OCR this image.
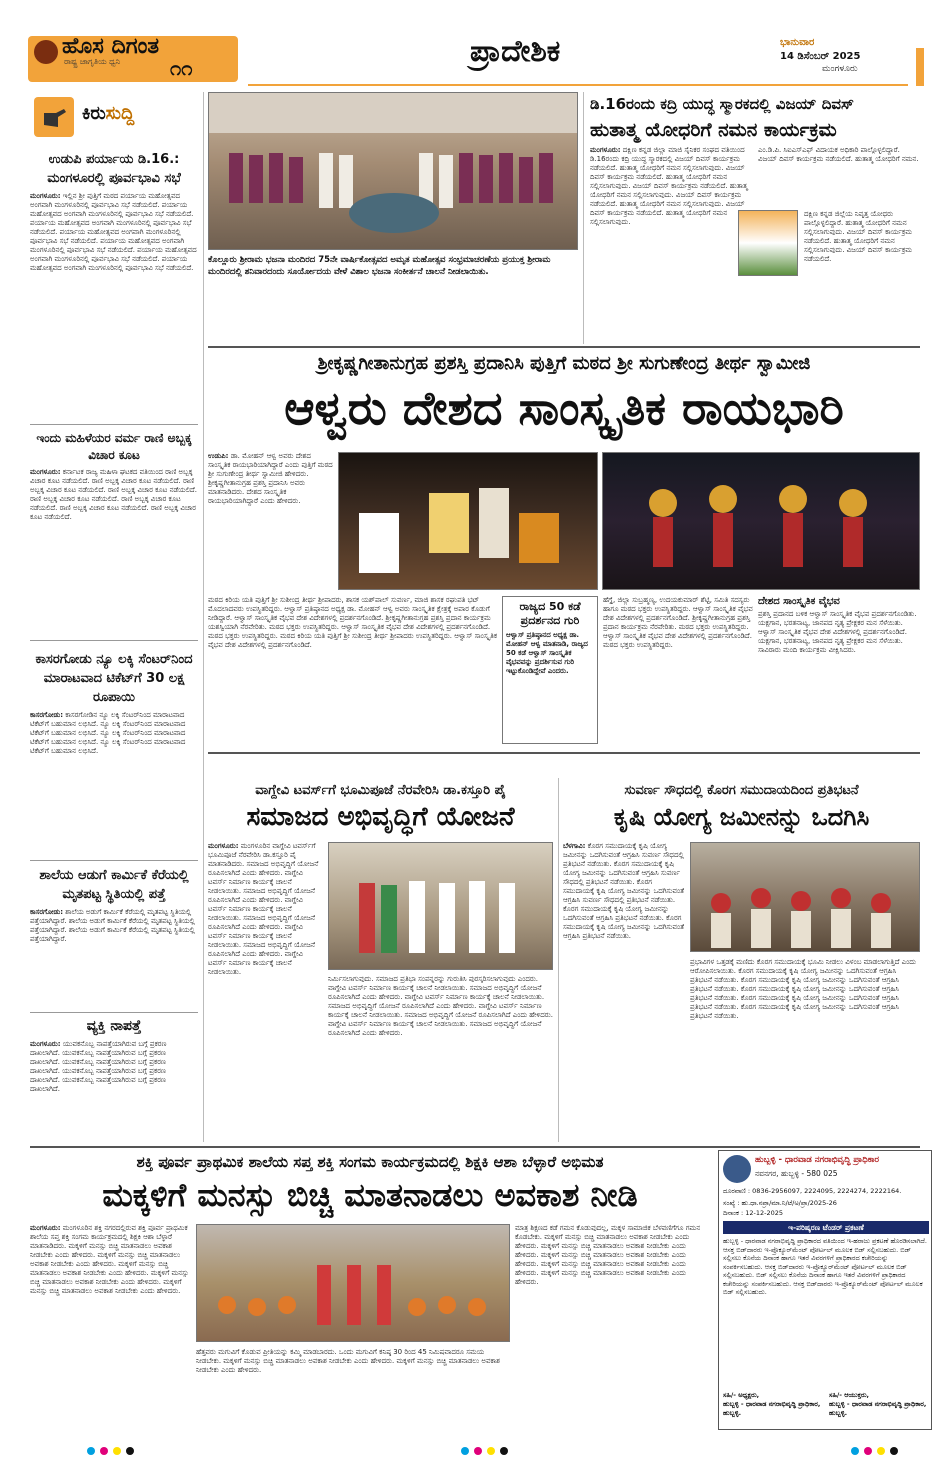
ಹೊಸ ದಿಗಂತ
ರಾಷ್ಟ್ರ ಜಾಗೃತಿಯ ಧ್ವನಿ ೧೧	ಪ್ರಾದೇಶಿಕ	ಭಾನುವಾರ
14 ಡಿಸೆಂಬರ್ 2025
ಮಂಗಳೂರು
ಕಿರುಸುದ್ದಿ
ಉಡುಪಿ ಪರ್ಯಾಯ ಡಿ.16.: ಮಂಗಳೂರಲ್ಲಿ ಪೂರ್ವಭಾವಿ ಸಭೆ
ಮಂಗಳೂರು: ಇಲ್ಲಿನ ಶ್ರೀ ಪುತ್ತಿಗೆ ಮಠದ ಪರ್ಯಾಯ ಮಹೋತ್ಸವದ ಅಂಗವಾಗಿ ಮಂಗಳೂರಿನಲ್ಲಿ ಪೂರ್ವಭಾವಿ ಸಭೆ ನಡೆಯಲಿದೆ. ಪರ್ಯಾಯ ಮಹೋತ್ಸವದ ಅಂಗವಾಗಿ ಮಂಗಳೂರಿನಲ್ಲಿ ಪೂರ್ವಭಾವಿ ಸಭೆ ನಡೆಯಲಿದೆ. ಪರ್ಯಾಯ ಮಹೋತ್ಸವದ ಅಂಗವಾಗಿ ಮಂಗಳೂರಿನಲ್ಲಿ ಪೂರ್ವಭಾವಿ ಸಭೆ ನಡೆಯಲಿದೆ. ಪರ್ಯಾಯ ಮಹೋತ್ಸವದ ಅಂಗವಾಗಿ ಮಂಗಳೂರಿನಲ್ಲಿ ಪೂರ್ವಭಾವಿ ಸಭೆ ನಡೆಯಲಿದೆ. ಪರ್ಯಾಯ ಮಹೋತ್ಸವದ ಅಂಗವಾಗಿ ಮಂಗಳೂರಿನಲ್ಲಿ ಪೂರ್ವಭಾವಿ ಸಭೆ ನಡೆಯಲಿದೆ. ಪರ್ಯಾಯ ಮಹೋತ್ಸವದ ಅಂಗವಾಗಿ ಮಂಗಳೂರಿನಲ್ಲಿ ಪೂರ್ವಭಾವಿ ಸಭೆ ನಡೆಯಲಿದೆ. ಪರ್ಯಾಯ ಮಹೋತ್ಸವದ ಅಂಗವಾಗಿ ಮಂಗಳೂರಿನಲ್ಲಿ ಪೂರ್ವಭಾವಿ ಸಭೆ ನಡೆಯಲಿದೆ.
ಇಂದು ಮಹಿಳೆಯರ ವರ್ಮ ರಾಣಿ ಅಬ್ಬಕ್ಕ ವಿಚಾರ ಕೂಟ
ಮಂಗಳೂರು: ಕರ್ನಾಟಕ ರಾಜ್ಯ ಮಹಿಳಾ ಘಟಕದ ವತಿಯಿಂದ ರಾಣಿ ಅಬ್ಬಕ್ಕ ವಿಚಾರ ಕೂಟ ನಡೆಯಲಿದೆ. ರಾಣಿ ಅಬ್ಬಕ್ಕ ವಿಚಾರ ಕೂಟ ನಡೆಯಲಿದೆ. ರಾಣಿ ಅಬ್ಬಕ್ಕ ವಿಚಾರ ಕೂಟ ನಡೆಯಲಿದೆ. ರಾಣಿ ಅಬ್ಬಕ್ಕ ವಿಚಾರ ಕೂಟ ನಡೆಯಲಿದೆ. ರಾಣಿ ಅಬ್ಬಕ್ಕ ವಿಚಾರ ಕೂಟ ನಡೆಯಲಿದೆ. ರಾಣಿ ಅಬ್ಬಕ್ಕ ವಿಚಾರ ಕೂಟ ನಡೆಯಲಿದೆ. ರಾಣಿ ಅಬ್ಬಕ್ಕ ವಿಚಾರ ಕೂಟ ನಡೆಯಲಿದೆ. ರಾಣಿ ಅಬ್ಬಕ್ಕ ವಿಚಾರ ಕೂಟ ನಡೆಯಲಿದೆ.
ಕಾಸರಗೋಡು ನ್ಯೂ ಲಕ್ಕಿ ಸೆಂಟರ್‌ನಿಂದ ಮಾರಾಟವಾದ ಟಿಕೆಟ್‌ಗೆ 30 ಲಕ್ಷ ರೂಪಾಯಿ
ಕಾಸರಗೋಡು: ಕಾಸರಗೋಡಿನ ನ್ಯೂ ಲಕ್ಕಿ ಸೆಂಟರ್‌ನಿಂದ ಮಾರಾಟವಾದ ಟಿಕೆಟ್‌ಗೆ ಬಹುಮಾನ ಲಭಿಸಿದೆ. ನ್ಯೂ ಲಕ್ಕಿ ಸೆಂಟರ್‌ನಿಂದ ಮಾರಾಟವಾದ ಟಿಕೆಟ್‌ಗೆ ಬಹುಮಾನ ಲಭಿಸಿದೆ. ನ್ಯೂ ಲಕ್ಕಿ ಸೆಂಟರ್‌ನಿಂದ ಮಾರಾಟವಾದ ಟಿಕೆಟ್‌ಗೆ ಬಹುಮಾನ ಲಭಿಸಿದೆ. ನ್ಯೂ ಲಕ್ಕಿ ಸೆಂಟರ್‌ನಿಂದ ಮಾರಾಟವಾದ ಟಿಕೆಟ್‌ಗೆ ಬಹುಮಾನ ಲಭಿಸಿದೆ.
ಶಾಲೆಯ ಆಡುಗೆ ಕಾರ್ಮಿಕೆ ಕೆರೆಯಲ್ಲಿ ಮೃತಪಟ್ಟ ಸ್ಥಿತಿಯಲ್ಲಿ ಪತ್ತೆ
ಕಾಸರಗೋಡು: ಶಾಲೆಯ ಅಡುಗೆ ಕಾರ್ಮಿಕೆ ಕೆರೆಯಲ್ಲಿ ಮೃತಪಟ್ಟ ಸ್ಥಿತಿಯಲ್ಲಿ ಪತ್ತೆಯಾಗಿದ್ದಾರೆ. ಶಾಲೆಯ ಅಡುಗೆ ಕಾರ್ಮಿಕೆ ಕೆರೆಯಲ್ಲಿ ಮೃತಪಟ್ಟ ಸ್ಥಿತಿಯಲ್ಲಿ ಪತ್ತೆಯಾಗಿದ್ದಾರೆ. ಶಾಲೆಯ ಅಡುಗೆ ಕಾರ್ಮಿಕೆ ಕೆರೆಯಲ್ಲಿ ಮೃತಪಟ್ಟ ಸ್ಥಿತಿಯಲ್ಲಿ ಪತ್ತೆಯಾಗಿದ್ದಾರೆ.
ವ್ಯಕ್ತಿ ನಾಪತ್ತೆ
ಮಂಗಳೂರು: ಯುವಕನೊಬ್ಬ ನಾಪತ್ತೆಯಾಗಿರುವ ಬಗ್ಗೆ ಪ್ರಕರಣ ದಾಖಲಾಗಿದೆ. ಯುವಕನೊಬ್ಬ ನಾಪತ್ತೆಯಾಗಿರುವ ಬಗ್ಗೆ ಪ್ರಕರಣ ದಾಖಲಾಗಿದೆ. ಯುವಕನೊಬ್ಬ ನಾಪತ್ತೆಯಾಗಿರುವ ಬಗ್ಗೆ ಪ್ರಕರಣ ದಾಖಲಾಗಿದೆ. ಯುವಕನೊಬ್ಬ ನಾಪತ್ತೆಯಾಗಿರುವ ಬಗ್ಗೆ ಪ್ರಕರಣ ದಾಖಲಾಗಿದೆ. ಯುವಕನೊಬ್ಬ ನಾಪತ್ತೆಯಾಗಿರುವ ಬಗ್ಗೆ ಪ್ರಕರಣ ದಾಖಲಾಗಿದೆ.
ಕೊಲ್ಲೂರು ಶ್ರೀರಾಮ ಭಜನಾ ಮಂದಿರದ 75ನೇ ವಾರ್ಷಿಕೋತ್ಸವದ ಅಮೃತ ಮಹೋತ್ಸವ ಸಂಭ್ರಮಾಚರಣೆಯ ಪ್ರಯುಕ್ತ ಶ್ರೀರಾಮ ಮಂದಿರದಲ್ಲಿ ಶನಿವಾರದಂದು ಸೂರ್ಯೋದಯ ವೇಳೆ ವಿಶಾಲ ಭಜನಾ ಸಂಕೀರ್ತನೆ ಚಾಲನೆ ನೀಡಲಾಯಿತು.
ಡಿ.16ರಂದು ಕದ್ರಿ ಯುದ್ಧ ಸ್ಮಾರಕದಲ್ಲಿ ವಿಜಯ್ ದಿವಸ್
ಹುತಾತ್ಮ ಯೋಧರಿಗೆ ನಮನ ಕಾರ್ಯಕ್ರಮ
ಮಂಗಳೂರು: ದಕ್ಷಿಣ ಕನ್ನಡ ಜಿಲ್ಲಾ ಮಾಜಿ ಸೈನಿಕರ ಸಂಘದ ವತಿಯಿಂದ ಡಿ.16ರಂದು ಕದ್ರಿ ಯುದ್ಧ ಸ್ಮಾರಕದಲ್ಲಿ ವಿಜಯ್ ದಿವಸ್ ಕಾರ್ಯಕ್ರಮ ನಡೆಯಲಿದೆ. ಹುತಾತ್ಮ ಯೋಧರಿಗೆ ನಮನ ಸಲ್ಲಿಸಲಾಗುವುದು. ವಿಜಯ್ ದಿವಸ್ ಕಾರ್ಯಕ್ರಮ ನಡೆಯಲಿದೆ. ಹುತಾತ್ಮ ಯೋಧರಿಗೆ ನಮನ ಸಲ್ಲಿಸಲಾಗುವುದು. ವಿಜಯ್ ದಿವಸ್ ಕಾರ್ಯಕ್ರಮ ನಡೆಯಲಿದೆ. ಹುತಾತ್ಮ ಯೋಧರಿಗೆ ನಮನ ಸಲ್ಲಿಸಲಾಗುವುದು. ವಿಜಯ್ ದಿವಸ್ ಕಾರ್ಯಕ್ರಮ ನಡೆಯಲಿದೆ. ಹುತಾತ್ಮ ಯೋಧರಿಗೆ ನಮನ ಸಲ್ಲಿಸಲಾಗುವುದು. ವಿಜಯ್ ದಿವಸ್ ಕಾರ್ಯಕ್ರಮ ನಡೆಯಲಿದೆ. ಹುತಾತ್ಮ ಯೋಧರಿಗೆ ನಮನ ಸಲ್ಲಿಸಲಾಗುವುದು.
ಎಂ.ಡಿ.ಪಿ. ಸಿಐಎಸ್ಎಫ್ ವಿದಾಯಕ ಅಧಿಕಾರಿ ಪಾಲ್ಗೊಳ್ಳಲಿದ್ದಾರೆ. ವಿಜಯ್ ದಿವಸ್ ಕಾರ್ಯಕ್ರಮ ನಡೆಯಲಿದೆ. ಹುತಾತ್ಮ ಯೋಧರಿಗೆ ನಮನ.
ದಕ್ಷಿಣ ಕನ್ನಡ ಜಿಲ್ಲೆಯ ನಿವೃತ್ತ ಯೋಧರು ಪಾಲ್ಗೊಳ್ಳಲಿದ್ದಾರೆ. ಹುತಾತ್ಮ ಯೋಧರಿಗೆ ನಮನ ಸಲ್ಲಿಸಲಾಗುವುದು. ವಿಜಯ್ ದಿವಸ್ ಕಾರ್ಯಕ್ರಮ ನಡೆಯಲಿದೆ. ಹುತಾತ್ಮ ಯೋಧರಿಗೆ ನಮನ ಸಲ್ಲಿಸಲಾಗುವುದು. ವಿಜಯ್ ದಿವಸ್ ಕಾರ್ಯಕ್ರಮ ನಡೆಯಲಿದೆ.
ಶ್ರೀಕೃಷ್ಣಗೀತಾನುಗ್ರಹ ಪ್ರಶಸ್ತಿ ಪ್ರದಾನಿಸಿ ಪುತ್ತಿಗೆ ಮಠದ ಶ್ರೀ ಸುಗುಣೇಂದ್ರ ತೀರ್ಥ ಸ್ವಾಮೀಜಿ
ಆಳ್ವರು ದೇಶದ ಸಾಂಸ್ಕೃತಿಕ ರಾಯಭಾರಿ
ಉಡುಪಿ: ಡಾ. ಮೋಹನ್ ಆಳ್ವ ಅವರು ದೇಶದ ಸಾಂಸ್ಕೃತಿಕ ರಾಯಭಾರಿಯಾಗಿದ್ದಾರೆ ಎಂದು ಪುತ್ತಿಗೆ ಮಠದ ಶ್ರೀ ಸುಗುಣೇಂದ್ರ ತೀರ್ಥ ಸ್ವಾಮೀಜಿ ಹೇಳಿದರು. ಶ್ರೀಕೃಷ್ಣಗೀತಾನುಗ್ರಹ ಪ್ರಶಸ್ತಿ ಪ್ರದಾನಿಸಿ ಅವರು ಮಾತನಾಡಿದರು. ದೇಶದ ಸಾಂಸ್ಕೃತಿಕ ರಾಯಭಾರಿಯಾಗಿದ್ದಾರೆ ಎಂದು ಹೇಳಿದರು.
ಮಠದ ಕಿರಿಯ ಯತಿ ಪುತ್ತಿಗೆ ಶ್ರೀ ಸುಶೀಂದ್ರ ತೀರ್ಥ ಶ್ರೀಪಾದರು, ಶಾಸಕ ಯಶ್‌ಪಾಲ್ ಸುವರ್ಣ, ಮಾಜಿ ಶಾಸಕ ರಘುಪತಿ ಭಟ್ ಮೊದಲಾದವರು ಉಪಸ್ಥಿತರಿದ್ದರು. ಆಳ್ವಾಸ್ ಪ್ರತಿಷ್ಠಾನದ ಅಧ್ಯಕ್ಷ ಡಾ. ಮೋಹನ್ ಆಳ್ವ ಅವರು ಸಾಂಸ್ಕೃತಿಕ ಕ್ಷೇತ್ರಕ್ಕೆ ಅಪಾರ ಕೊಡುಗೆ ನೀಡಿದ್ದಾರೆ. ಆಳ್ವಾಸ್ ಸಾಂಸ್ಕೃತಿಕ ವೈಭವ ದೇಶ ವಿದೇಶಗಳಲ್ಲಿ ಪ್ರದರ್ಶನಗೊಂಡಿದೆ. ಶ್ರೀಕೃಷ್ಣಗೀತಾನುಗ್ರಹ ಪ್ರಶಸ್ತಿ ಪ್ರದಾನ ಕಾರ್ಯಕ್ರಮ ಯಶಸ್ವಿಯಾಗಿ ನೆರವೇರಿತು. ಮಠದ ಭಕ್ತರು ಉಪಸ್ಥಿತರಿದ್ದರು. ಆಳ್ವಾಸ್ ಸಾಂಸ್ಕೃತಿಕ ವೈಭವ ದೇಶ ವಿದೇಶಗಳಲ್ಲಿ ಪ್ರದರ್ಶನಗೊಂಡಿದೆ. ಮಠದ ಭಕ್ತರು ಉಪಸ್ಥಿತರಿದ್ದರು. ಮಠದ ಕಿರಿಯ ಯತಿ ಪುತ್ತಿಗೆ ಶ್ರೀ ಸುಶೀಂದ್ರ ತೀರ್ಥ ಶ್ರೀಪಾದರು ಉಪಸ್ಥಿತರಿದ್ದರು. ಆಳ್ವಾಸ್ ಸಾಂಸ್ಕೃತಿಕ ವೈಭವ ದೇಶ ವಿದೇಶಗಳಲ್ಲಿ ಪ್ರದರ್ಶನಗೊಂಡಿದೆ.
ರಾಜ್ಯದ 50 ಕಡೆ ಪ್ರದರ್ಶನದ ಗುರಿ
ಆಳ್ವಾಸ್ ಪ್ರತಿಷ್ಠಾನದ ಅಧ್ಯಕ್ಷ ಡಾ. ಮೋಹನ್ ಆಳ್ವ ಮಾತನಾಡಿ, ರಾಜ್ಯದ 50 ಕಡೆ ಆಳ್ವಾಸ್ ಸಾಂಸ್ಕೃತಿಕ ವೈಭವವನ್ನು ಪ್ರದರ್ಶಿಸುವ ಗುರಿ ಇಟ್ಟುಕೊಂಡಿದ್ದೇವೆ ಎಂದರು.
ಹೆಗ್ಡೆ, ಜಿಲ್ಲಾ ಸುಬ್ರಹ್ಮಣ್ಯ, ಉದಯಕುಮಾರ್ ಶೆಟ್ಟಿ, ಸಮಿತಿ ಸದಸ್ಯರು ಹಾಗೂ ಮಠದ ಭಕ್ತರು ಉಪಸ್ಥಿತರಿದ್ದರು. ಆಳ್ವಾಸ್ ಸಾಂಸ್ಕೃತಿಕ ವೈಭವ ದೇಶ ವಿದೇಶಗಳಲ್ಲಿ ಪ್ರದರ್ಶನಗೊಂಡಿದೆ. ಶ್ರೀಕೃಷ್ಣಗೀತಾನುಗ್ರಹ ಪ್ರಶಸ್ತಿ ಪ್ರದಾನ ಕಾರ್ಯಕ್ರಮ ನೆರವೇರಿತು. ಮಠದ ಭಕ್ತರು ಉಪಸ್ಥಿತರಿದ್ದರು. ಆಳ್ವಾಸ್ ಸಾಂಸ್ಕೃತಿಕ ವೈಭವ ದೇಶ ವಿದೇಶಗಳಲ್ಲಿ ಪ್ರದರ್ಶನಗೊಂಡಿದೆ. ಮಠದ ಭಕ್ತರು ಉಪಸ್ಥಿತರಿದ್ದರು.
ದೇಶದ ಸಾಂಸ್ಕೃತಿಕ ವೈಭವ
ಪ್ರಶಸ್ತಿ ಪ್ರದಾನದ ಬಳಿಕ ಆಳ್ವಾಸ್ ಸಾಂಸ್ಕೃತಿಕ ವೈಭವ ಪ್ರದರ್ಶನಗೊಂಡಿತು. ಯಕ್ಷಗಾನ, ಭರತನಾಟ್ಯ, ಜಾನಪದ ನೃತ್ಯ ಪ್ರೇಕ್ಷಕರ ಮನ ಸೆಳೆಯಿತು. ಆಳ್ವಾಸ್ ಸಾಂಸ್ಕೃತಿಕ ವೈಭವ ದೇಶ ವಿದೇಶಗಳಲ್ಲಿ ಪ್ರದರ್ಶನಗೊಂಡಿದೆ. ಯಕ್ಷಗಾನ, ಭರತನಾಟ್ಯ, ಜಾನಪದ ನೃತ್ಯ ಪ್ರೇಕ್ಷಕರ ಮನ ಸೆಳೆಯಿತು. ಸಾವಿರಾರು ಮಂದಿ ಕಾರ್ಯಕ್ರಮ ವೀಕ್ಷಿಸಿದರು.
ವಾಗ್ದೇವಿ ಟವರ್ಸ್‌ಗೆ ಭೂಮಿಪೂಜೆ ನೆರವೇರಿಸಿ ಡಾ.ಕಸ್ತೂರಿ ಪೈ
ಸಮಾಜದ ಅಭಿವೃದ್ಧಿಗೆ ಯೋಜನೆ
ಮಂಗಳೂರು: ಮಂಗಳೂರಿನ ವಾಗ್ದೇವಿ ಟವರ್ಸ್‌ಗೆ ಭೂಮಿಪೂಜೆ ನೆರವೇರಿಸಿ ಡಾ.ಕಸ್ತೂರಿ ಪೈ ಮಾತನಾಡಿದರು. ಸಮಾಜದ ಅಭಿವೃದ್ಧಿಗೆ ಯೋಜನೆ ರೂಪಿಸಲಾಗಿದೆ ಎಂದು ಹೇಳಿದರು. ವಾಗ್ದೇವಿ ಟವರ್ಸ್ ನಿರ್ಮಾಣ ಕಾರ್ಯಕ್ಕೆ ಚಾಲನೆ ನೀಡಲಾಯಿತು. ಸಮಾಜದ ಅಭಿವೃದ್ಧಿಗೆ ಯೋಜನೆ ರೂಪಿಸಲಾಗಿದೆ ಎಂದು ಹೇಳಿದರು. ವಾಗ್ದೇವಿ ಟವರ್ಸ್ ನಿರ್ಮಾಣ ಕಾರ್ಯಕ್ಕೆ ಚಾಲನೆ ನೀಡಲಾಯಿತು. ಸಮಾಜದ ಅಭಿವೃದ್ಧಿಗೆ ಯೋಜನೆ ರೂಪಿಸಲಾಗಿದೆ ಎಂದು ಹೇಳಿದರು. ವಾಗ್ದೇವಿ ಟವರ್ಸ್ ನಿರ್ಮಾಣ ಕಾರ್ಯಕ್ಕೆ ಚಾಲನೆ ನೀಡಲಾಯಿತು. ಸಮಾಜದ ಅಭಿವೃದ್ಧಿಗೆ ಯೋಜನೆ ರೂಪಿಸಲಾಗಿದೆ ಎಂದು ಹೇಳಿದರು. ವಾಗ್ದೇವಿ ಟವರ್ಸ್ ನಿರ್ಮಾಣ ಕಾರ್ಯಕ್ಕೆ ಚಾಲನೆ ನೀಡಲಾಯಿತು.
ನಿರ್ಮಿಸಲಾಗುವುದು. ಸಮಾಜದ ಪ್ರತಿಭಾ ಸಂಪನ್ನರನ್ನು ಗುರುತಿಸಿ ಪುರಸ್ಕರಿಸಲಾಗುವುದು ಎಂದರು. ವಾಗ್ದೇವಿ ಟವರ್ಸ್ ನಿರ್ಮಾಣ ಕಾರ್ಯಕ್ಕೆ ಚಾಲನೆ ನೀಡಲಾಯಿತು. ಸಮಾಜದ ಅಭಿವೃದ್ಧಿಗೆ ಯೋಜನೆ ರೂಪಿಸಲಾಗಿದೆ ಎಂದು ಹೇಳಿದರು. ವಾಗ್ದೇವಿ ಟವರ್ಸ್ ನಿರ್ಮಾಣ ಕಾರ್ಯಕ್ಕೆ ಚಾಲನೆ ನೀಡಲಾಯಿತು. ಸಮಾಜದ ಅಭಿವೃದ್ಧಿಗೆ ಯೋಜನೆ ರೂಪಿಸಲಾಗಿದೆ ಎಂದು ಹೇಳಿದರು. ವಾಗ್ದೇವಿ ಟವರ್ಸ್ ನಿರ್ಮಾಣ ಕಾರ್ಯಕ್ಕೆ ಚಾಲನೆ ನೀಡಲಾಯಿತು. ಸಮಾಜದ ಅಭಿವೃದ್ಧಿಗೆ ಯೋಜನೆ ರೂಪಿಸಲಾಗಿದೆ ಎಂದು ಹೇಳಿದರು. ವಾಗ್ದೇವಿ ಟವರ್ಸ್ ನಿರ್ಮಾಣ ಕಾರ್ಯಕ್ಕೆ ಚಾಲನೆ ನೀಡಲಾಯಿತು. ಸಮಾಜದ ಅಭಿವೃದ್ಧಿಗೆ ಯೋಜನೆ ರೂಪಿಸಲಾಗಿದೆ ಎಂದು ಹೇಳಿದರು.
ಸುವರ್ಣ ಸೌಧದಲ್ಲಿ ಕೊರಗ ಸಮುದಾಯದಿಂದ ಪ್ರತಿಭಟನೆ
ಕೃಷಿ ಯೋಗ್ಯ ಜಮೀನನ್ನು ಒದಗಿಸಿ
ಬೆಳಗಾವಿ: ಕೊರಗ ಸಮುದಾಯಕ್ಕೆ ಕೃಷಿ ಯೋಗ್ಯ ಜಮೀನನ್ನು ಒದಗಿಸುವಂತೆ ಆಗ್ರಹಿಸಿ ಸುವರ್ಣ ಸೌಧದಲ್ಲಿ ಪ್ರತಿಭಟನೆ ನಡೆಯಿತು. ಕೊರಗ ಸಮುದಾಯಕ್ಕೆ ಕೃಷಿ ಯೋಗ್ಯ ಜಮೀನನ್ನು ಒದಗಿಸುವಂತೆ ಆಗ್ರಹಿಸಿ ಸುವರ್ಣ ಸೌಧದಲ್ಲಿ ಪ್ರತಿಭಟನೆ ನಡೆಯಿತು. ಕೊರಗ ಸಮುದಾಯಕ್ಕೆ ಕೃಷಿ ಯೋಗ್ಯ ಜಮೀನನ್ನು ಒದಗಿಸುವಂತೆ ಆಗ್ರಹಿಸಿ ಸುವರ್ಣ ಸೌಧದಲ್ಲಿ ಪ್ರತಿಭಟನೆ ನಡೆಯಿತು. ಕೊರಗ ಸಮುದಾಯಕ್ಕೆ ಕೃಷಿ ಯೋಗ್ಯ ಜಮೀನನ್ನು ಒದಗಿಸುವಂತೆ ಆಗ್ರಹಿಸಿ ಪ್ರತಿಭಟನೆ ನಡೆಯಿತು. ಕೊರಗ ಸಮುದಾಯಕ್ಕೆ ಕೃಷಿ ಯೋಗ್ಯ ಜಮೀನನ್ನು ಒದಗಿಸುವಂತೆ ಆಗ್ರಹಿಸಿ ಪ್ರತಿಭಟನೆ ನಡೆಯಿತು.
ಪ್ರಭಾವಿಗಳ ಒತ್ತಡಕ್ಕೆ ಮಣಿದು ಕೊರಗ ಸಮುದಾಯಕ್ಕೆ ಭೂಮಿ ನೀಡಲು ವಿಳಂಬ ಮಾಡಲಾಗುತ್ತಿದೆ ಎಂದು ಆರೋಪಿಸಲಾಯಿತು. ಕೊರಗ ಸಮುದಾಯಕ್ಕೆ ಕೃಷಿ ಯೋಗ್ಯ ಜಮೀನನ್ನು ಒದಗಿಸುವಂತೆ ಆಗ್ರಹಿಸಿ ಪ್ರತಿಭಟನೆ ನಡೆಯಿತು. ಕೊರಗ ಸಮುದಾಯಕ್ಕೆ ಕೃಷಿ ಯೋಗ್ಯ ಜಮೀನನ್ನು ಒದಗಿಸುವಂತೆ ಆಗ್ರಹಿಸಿ ಪ್ರತಿಭಟನೆ ನಡೆಯಿತು. ಕೊರಗ ಸಮುದಾಯಕ್ಕೆ ಕೃಷಿ ಯೋಗ್ಯ ಜಮೀನನ್ನು ಒದಗಿಸುವಂತೆ ಆಗ್ರಹಿಸಿ ಪ್ರತಿಭಟನೆ ನಡೆಯಿತು. ಕೊರಗ ಸಮುದಾಯಕ್ಕೆ ಕೃಷಿ ಯೋಗ್ಯ ಜಮೀನನ್ನು ಒದಗಿಸುವಂತೆ ಆಗ್ರಹಿಸಿ ಪ್ರತಿಭಟನೆ ನಡೆಯಿತು. ಕೊರಗ ಸಮುದಾಯಕ್ಕೆ ಕೃಷಿ ಯೋಗ್ಯ ಜಮೀನನ್ನು ಒದಗಿಸುವಂತೆ ಆಗ್ರಹಿಸಿ ಪ್ರತಿಭಟನೆ ನಡೆಯಿತು.
ಶಕ್ತಿ ಪೂರ್ವ ಪ್ರಾಥಮಿಕ ಶಾಲೆಯ ಸಪ್ತ ಶಕ್ತಿ ಸಂಗಮ ಕಾರ್ಯಕ್ರಮದಲ್ಲಿ ಶಿಕ್ಷಕಿ ಆಶಾ ಬೆಳ್ಳಾರೆ ಅಭಿಮತ
ಮಕ್ಕಳಿಗೆ ಮನಸ್ಸು ಬಿಚ್ಚಿ ಮಾತನಾಡಲು ಅವಕಾಶ ನೀಡಿ
ಮಂಗಳೂರು: ಮಂಗಳೂರಿನ ಶಕ್ತಿ ನಗರದಲ್ಲಿರುವ ಶಕ್ತಿ ಪೂರ್ವ ಪ್ರಾಥಮಿಕ ಶಾಲೆಯ ಸಪ್ತ ಶಕ್ತಿ ಸಂಗಮ ಕಾರ್ಯಕ್ರಮದಲ್ಲಿ ಶಿಕ್ಷಕಿ ಆಶಾ ಬೆಳ್ಳಾರೆ ಮಾತನಾಡಿದರು. ಮಕ್ಕಳಿಗೆ ಮನಸ್ಸು ಬಿಚ್ಚಿ ಮಾತನಾಡಲು ಅವಕಾಶ ನೀಡಬೇಕು ಎಂದು ಹೇಳಿದರು. ಮಕ್ಕಳಿಗೆ ಮನಸ್ಸು ಬಿಚ್ಚಿ ಮಾತನಾಡಲು ಅವಕಾಶ ನೀಡಬೇಕು ಎಂದು ಹೇಳಿದರು. ಮಕ್ಕಳಿಗೆ ಮನಸ್ಸು ಬಿಚ್ಚಿ ಮಾತನಾಡಲು ಅವಕಾಶ ನೀಡಬೇಕು ಎಂದು ಹೇಳಿದರು. ಮಕ್ಕಳಿಗೆ ಮನಸ್ಸು ಬಿಚ್ಚಿ ಮಾತನಾಡಲು ಅವಕಾಶ ನೀಡಬೇಕು ಎಂದು ಹೇಳಿದರು. ಮಕ್ಕಳಿಗೆ ಮನಸ್ಸು ಬಿಚ್ಚಿ ಮಾತನಾಡಲು ಅವಕಾಶ ನೀಡಬೇಕು ಎಂದು ಹೇಳಿದರು.
ಹೆತ್ತವರು ಮಗುವಿಗೆ ಕೊಡುವ ಪ್ರೀತಿಯನ್ನು ಕಮ್ಮಿ ಮಾಡಬಾರದು. ಒಂದು ಮಗುವಿಗೆ ಕನಿಷ್ಠ 30 ರಿಂದ 45 ನಿಮಿಷವಾದರೂ ಸಮಯ ನೀಡಬೇಕು. ಮಕ್ಕಳಿಗೆ ಮನಸ್ಸು ಬಿಚ್ಚಿ ಮಾತನಾಡಲು ಅವಕಾಶ ನೀಡಬೇಕು ಎಂದು ಹೇಳಿದರು. ಮಕ್ಕಳಿಗೆ ಮನಸ್ಸು ಬಿಚ್ಚಿ ಮಾತನಾಡಲು ಅವಕಾಶ ನೀಡಬೇಕು ಎಂದು ಹೇಳಿದರು.
ಮಾತ್ರ ಶಿಕ್ಷಣದ ಕಡೆ ಗಮನ ಕೊಡುವುದಲ್ಲ, ಮಕ್ಕಳ ಸಾಮಾಜಿಕ ಬೆಳವಣಿಗೆಗೂ ಗಮನ ಕೊಡಬೇಕು. ಮಕ್ಕಳಿಗೆ ಮನಸ್ಸು ಬಿಚ್ಚಿ ಮಾತನಾಡಲು ಅವಕಾಶ ನೀಡಬೇಕು ಎಂದು ಹೇಳಿದರು. ಮಕ್ಕಳಿಗೆ ಮನಸ್ಸು ಬಿಚ್ಚಿ ಮಾತನಾಡಲು ಅವಕಾಶ ನೀಡಬೇಕು ಎಂದು ಹೇಳಿದರು. ಮಕ್ಕಳಿಗೆ ಮನಸ್ಸು ಬಿಚ್ಚಿ ಮಾತನಾಡಲು ಅವಕಾಶ ನೀಡಬೇಕು ಎಂದು ಹೇಳಿದರು. ಮಕ್ಕಳಿಗೆ ಮನಸ್ಸು ಬಿಚ್ಚಿ ಮಾತನಾಡಲು ಅವಕಾಶ ನೀಡಬೇಕು ಎಂದು ಹೇಳಿದರು. ಮಕ್ಕಳಿಗೆ ಮನಸ್ಸು ಬಿಚ್ಚಿ ಮಾತನಾಡಲು ಅವಕಾಶ ನೀಡಬೇಕು ಎಂದು ಹೇಳಿದರು.
ಹುಬ್ಬಳ್ಳಿ - ಧಾರವಾಡ ನಗರಾಭಿವೃದ್ಧಿ ಪ್ರಾಧಿಕಾರ
ನವನಗರ, ಹುಬ್ಬಳ್ಳಿ - 580 025
ದೂರವಾಣಿ : 0836-2956097, 2224095, 2224274, 2222164.
ಸಂಖ್ಯೆ : ಹು.ಧಾ.ನಪ್ರಾ/ಮಾ.ನಿ/ಟೆ/ಅ/ಪ್ರಾ/2025-26
ದಿನಾಂಕ : 12-12-2025
ಇ-ಪರಿಷ್ಕರಣ ಟೆಂಡರ್ ಪ್ರಕಟಣೆ
ಹುಬ್ಬಳ್ಳಿ - ಧಾರವಾಡ ನಗರಾಭಿವೃದ್ಧಿ ಪ್ರಾಧಿಕಾರದ ವತಿಯಿಂದ ಇ-ಹರಾಜು ಪ್ರಕಟಣೆ ಹೊರಡಿಸಲಾಗಿದೆ. ಆಸಕ್ತ ಬಿಡ್‌ದಾರರು ಇ-ಪ್ರೊಕ್ಯೂರ್‌ಮೆಂಟ್ ಪೋರ್ಟಲ್ ಮೂಲಕ ಬಿಡ್ ಸಲ್ಲಿಸಬಹುದು. ಬಿಡ್ ಸಲ್ಲಿಸಲು ಕೊನೆಯ ದಿನಾಂಕ ಹಾಗೂ ಇತರೆ ವಿವರಗಳಿಗೆ ಪ್ರಾಧಿಕಾರದ ಕಚೇರಿಯನ್ನು ಸಂಪರ್ಕಿಸಬಹುದು. ಆಸಕ್ತ ಬಿಡ್‌ದಾರರು ಇ-ಪ್ರೊಕ್ಯೂರ್‌ಮೆಂಟ್ ಪೋರ್ಟಲ್ ಮೂಲಕ ಬಿಡ್ ಸಲ್ಲಿಸಬಹುದು. ಬಿಡ್ ಸಲ್ಲಿಸಲು ಕೊನೆಯ ದಿನಾಂಕ ಹಾಗೂ ಇತರೆ ವಿವರಗಳಿಗೆ ಪ್ರಾಧಿಕಾರದ ಕಚೇರಿಯನ್ನು ಸಂಪರ್ಕಿಸಬಹುದು. ಆಸಕ್ತ ಬಿಡ್‌ದಾರರು ಇ-ಪ್ರೊಕ್ಯೂರ್‌ಮೆಂಟ್ ಪೋರ್ಟಲ್ ಮೂಲಕ ಬಿಡ್ ಸಲ್ಲಿಸಬಹುದು.
ಸಹಿ/- ಅಧ್ಯಕ್ಷರು,
ಹುಬ್ಬಳ್ಳಿ - ಧಾರವಾಡ ನಗರಾಭಿವೃದ್ಧಿ ಪ್ರಾಧಿಕಾರ, ಹುಬ್ಬಳ್ಳಿ.
ಸಹಿ/- ಆಯುಕ್ತರು,
ಹುಬ್ಬಳ್ಳಿ - ಧಾರವಾಡ ನಗರಾಭಿವೃದ್ಧಿ ಪ್ರಾಧಿಕಾರ, ಹುಬ್ಬಳ್ಳಿ.
